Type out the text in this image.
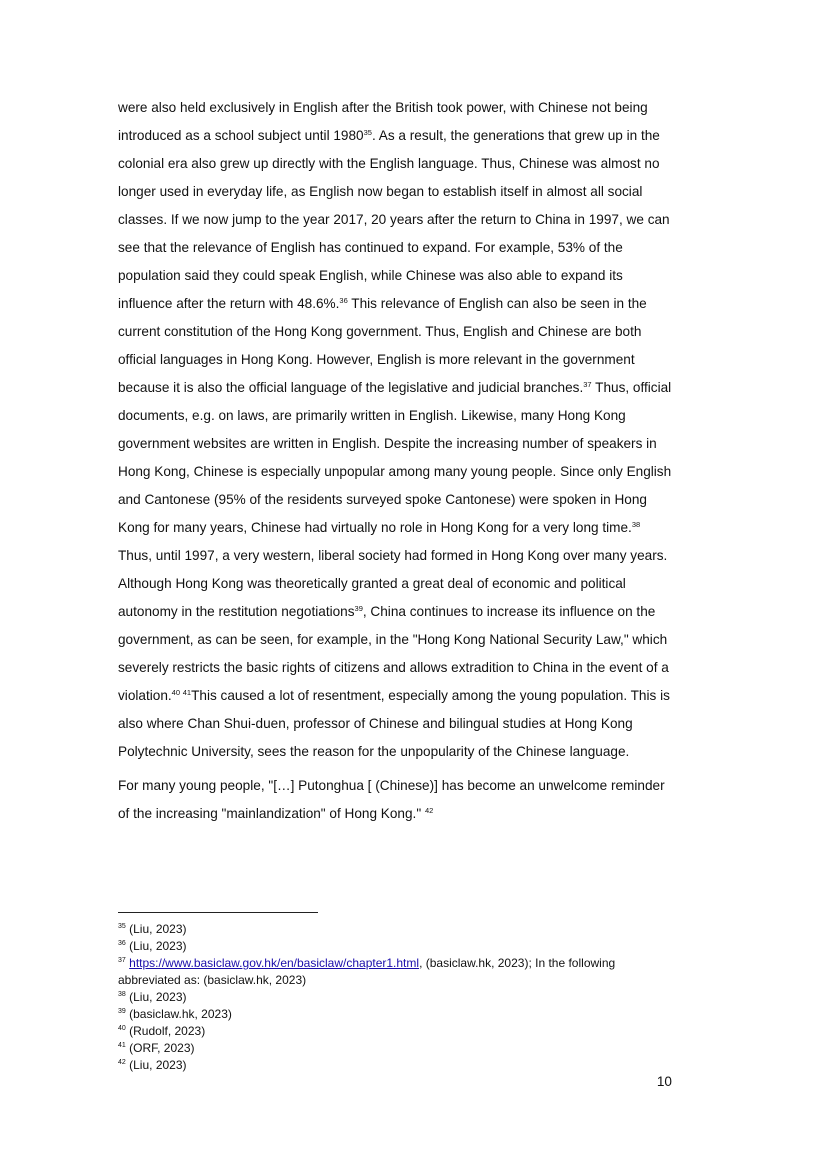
were also held exclusively in English after the British took power, with Chinese not being introduced as a school subject until 1980$^{35}$. As a result, the generations that grew up in the colonial era also grew up directly with the English language. Thus, Chinese was almost no longer used in everyday life, as English now began to establish itself in almost all social classes. If we now jump to the year 2017, 20 years after the return to China in 1997, we can see that the relevance of English has continued to expand. For example, 53% of the population said they could speak English, while Chinese was also able to expand its influence after the return with 48.6%.$^{36}$ This relevance of English can also be seen in the current constitution of the Hong Kong government. Thus, English and Chinese are both official languages in Hong Kong. However, English is more relevant in the government because it is also the official language of the legislative and judicial branches.$^{37}$ Thus, official documents, e.g. on laws, are primarily written in English. Likewise, many Hong Kong government websites are written in English. Despite the increasing number of speakers in Hong Kong, Chinese is especially unpopular among many young people. Since only English and Cantonese (95% of the residents surveyed spoke Cantonese) were spoken in Hong Kong for many years, Chinese had virtually no role in Hong Kong for a very long time.$^{38}$ Thus, until 1997, a very western, liberal society had formed in Hong Kong over many years. Although Hong Kong was theoretically granted a great deal of economic and political autonomy in the restitution negotiations$^{39}$, China continues to increase its influence on the government, as can be seen, for example, in the "Hong Kong National Security Law," which severely restricts the basic rights of citizens and allows extradition to China in the event of a violation.$^{40}$  $^{41}$This caused a lot of resentment, especially among the young population. This is also where Chan Shui-duen, professor of Chinese and bilingual studies at Hong Kong Polytechnic University, sees the reason for the unpopularity of the Chinese language.

For many young people, "[…] Putonghua [ (Chinese)] has become an unwelcome reminder of the increasing "mainlandization" of Hong Kong." $^{42}$

$^{35}$ (Liu, 2023)
$^{36}$ (Liu, 2023)
$^{37}$ https://www.basiclaw.gov.hk/en/basiclaw/chapter1.html, (basiclaw.hk, 2023); In the following abbreviated as: (basiclaw.hk, 2023)
$^{38}$ (Liu, 2023)
$^{39}$ (basiclaw.hk, 2023)
$^{40}$ (Rudolf, 2023)
$^{41}$ (ORF, 2023)
$^{42}$ (Liu, 2023)
10
